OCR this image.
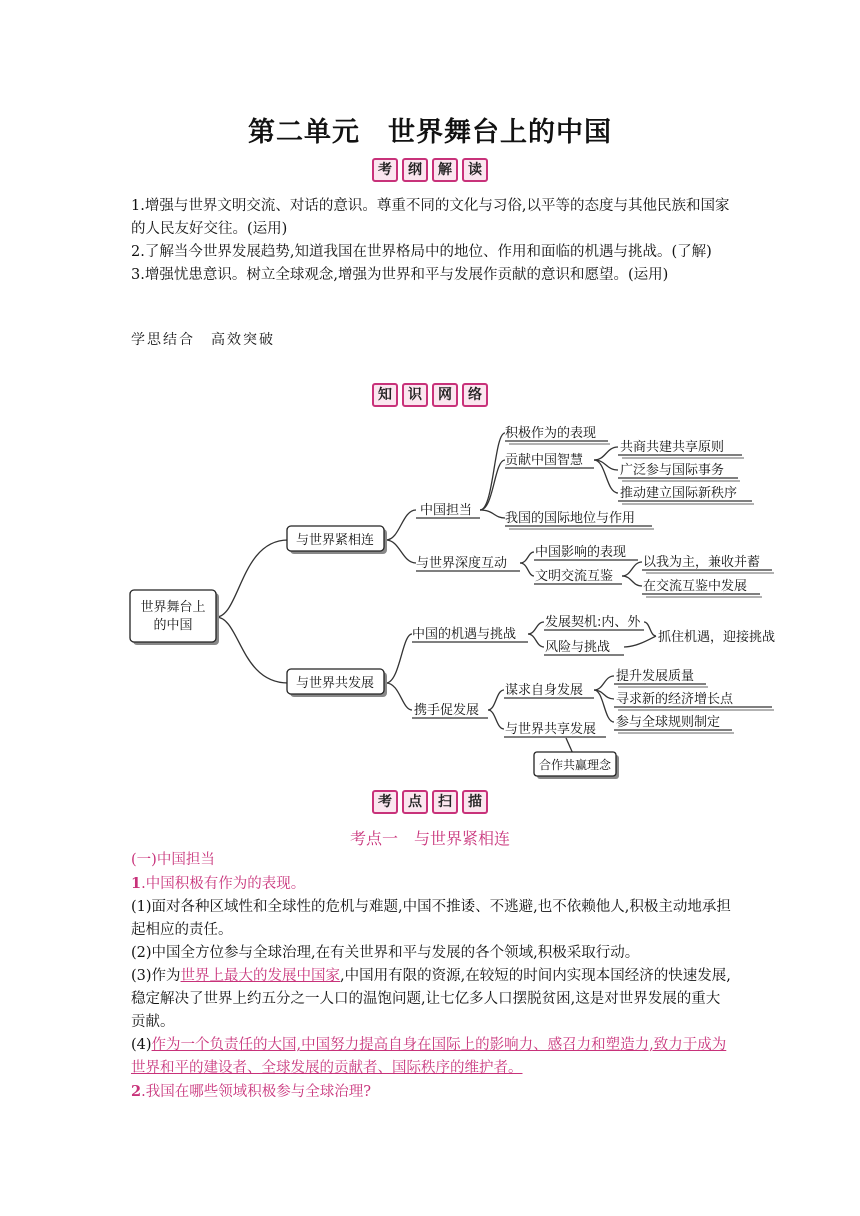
第二单元　世界舞台上的中国
考	纲	解	读
1.增强与世界文明交流、对话的意识。尊重不同的文化与习俗,以平等的态度与其他民族和国家的人民友好交往。(运用)
2.了解当今世界发展趋势,知道我国在世界格局中的地位、作用和面临的机遇与挑战。(了解)
3.增强忧患意识。树立全球观念,增强为世界和平与发展作贡献的意识和愿望。(运用)
学思结合　高效突破
知	识	网	络
世界舞台上
的中国
与世界紧相连
与世界共发展
中国担当
积极作为的表现
贡献中国智慧
共商共建共享原则
广泛参与国际事务
推动建立国际新秩序
我国的国际地位与作用
与世界深度互动
中国影响的表现
文明交流互鉴
以我为主，兼收并蓄
在交流互鉴中发展
中国的机遇与挑战
发展契机:内、外
风险与挑战
抓住机遇，迎接挑战
携手促发展
谋求自身发展
与世界共享发展
提升发展质量
寻求新的经济增长点
参与全球规则制定
合作共赢理念
考	点	扫	描
考点一　与世界紧相连
(一)中国担当
1.中国积极有作为的表现。
(1)面对各种区域性和全球性的危机与难题,中国不推诿、不逃避,也不依赖他人,积极主动地承担起相应的责任。
(2)中国全方位参与全球治理,在有关世界和平与发展的各个领域,积极采取行动。
(3)作为世界上最大的发展中国家,中国用有限的资源,在较短的时间内实现本国经济的快速发展,稳定解决了世界上约五分之一人口的温饱问题,让七亿多人口摆脱贫困,这是对世界发展的重大贡献。
(4)作为一个负责任的大国,中国努力提高自身在国际上的影响力、感召力和塑造力,致力于成为世界和平的建设者、全球发展的贡献者、国际秩序的维护者。
2.我国在哪些领域积极参与全球治理?
